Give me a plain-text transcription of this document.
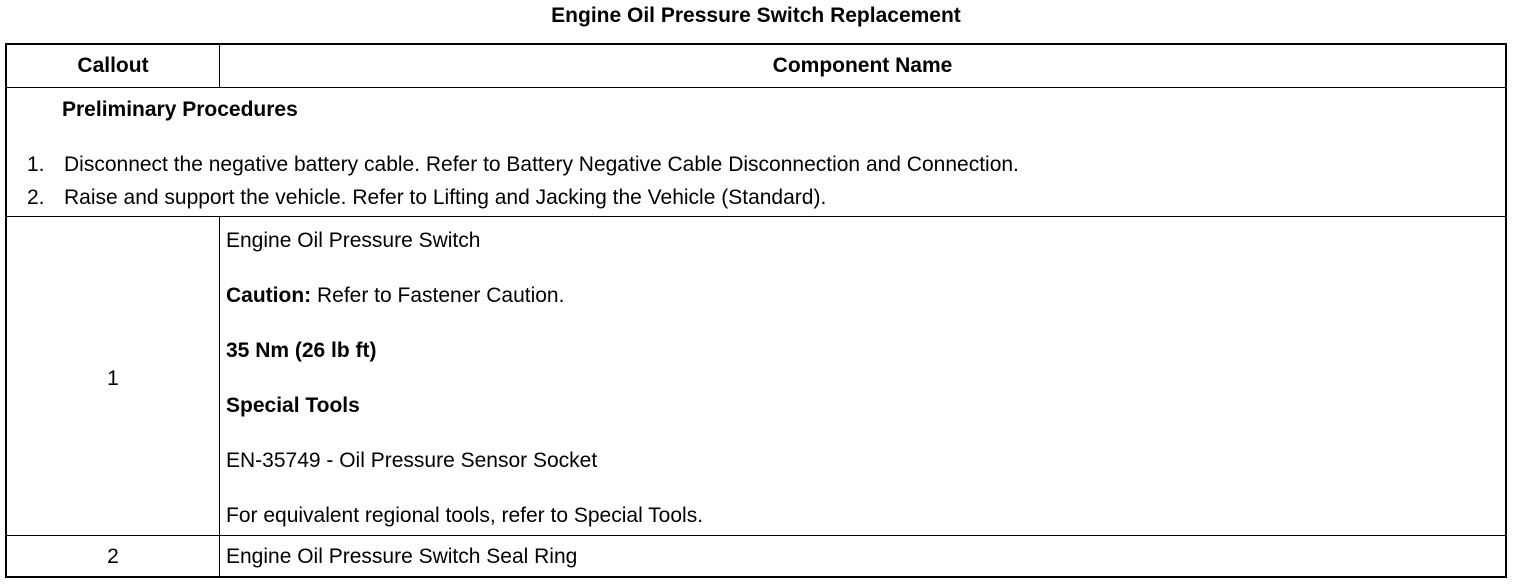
Engine Oil Pressure Switch Replacement
Callout	Component Name
Preliminary Procedures
1. Disconnect the negative battery cable. Refer to Battery Negative Cable Disconnection and Connection.
2. Raise and support the vehicle. Refer to Lifting and Jacking the Vehicle (Standard).
1
Engine Oil Pressure Switch
Caution: Refer to Fastener Caution.
35 Nm (26 lb ft)
Special Tools
EN-35749 - Oil Pressure Sensor Socket
For equivalent regional tools, refer to Special Tools.
2	Engine Oil Pressure Switch Seal Ring
